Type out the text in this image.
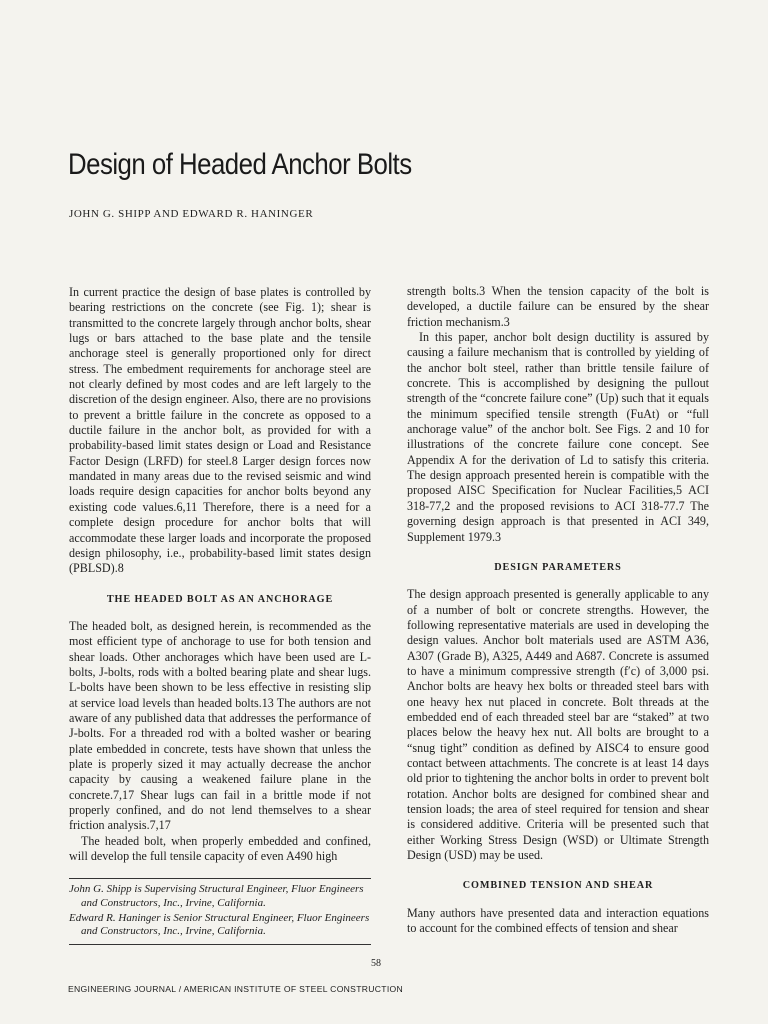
Design of Headed Anchor Bolts
JOHN G. SHIPP AND EDWARD R. HANINGER

In current practice the design of base plates is controlled by bearing restrictions on the concrete (see Fig. 1); shear is transmitted to the concrete largely through anchor bolts, shear lugs or bars attached to the base plate and the tensile anchorage steel is generally proportioned only for direct stress. The embedment requirements for anchorage steel are not clearly defined by most codes and are left largely to the discretion of the design engineer. Also, there are no provisions to prevent a brittle failure in the concrete as opposed to a ductile failure in the anchor bolt, as provided for with a probability-based limit states design or Load and Resistance Factor Design (LRFD) for steel.8 Larger design forces now mandated in many areas due to the revised seismic and wind loads require design capacities for anchor bolts beyond any existing code values.6,11 Therefore, there is a need for a complete design procedure for anchor bolts that will accommodate these larger loads and incorporate the proposed design philosophy, i.e., probability-based limit states design (PBLSD).8

THE HEADED BOLT AS AN ANCHORAGE

The headed bolt, as designed herein, is recommended as the most efficient type of anchorage to use for both tension and shear loads. Other anchorages which have been used are L-bolts, J-bolts, rods with a bolted bearing plate and shear lugs. L-bolts have been shown to be less effective in resisting slip at service load levels than headed bolts.13 The authors are not aware of any published data that addresses the performance of J-bolts. For a threaded rod with a bolted washer or bearing plate embedded in concrete, tests have shown that unless the plate is properly sized it may actually decrease the anchor capacity by causing a weakened failure plane in the concrete.7,17 Shear lugs can fail in a brittle mode if not properly confined, and do not lend themselves to a shear friction analysis.7,17

The headed bolt, when properly embedded and confined, will develop the full tensile capacity of even A490 high

John G. Shipp is Supervising Structural Engineer, Fluor Engineers and Constructors, Inc., Irvine, California.

Edward R. Haninger is Senior Structural Engineer, Fluor Engineers and Constructors, Inc., Irvine, California.

strength bolts.3 When the tension capacity of the bolt is developed, a ductile failure can be ensured by the shear friction mechanism.3

In this paper, anchor bolt design ductility is assured by causing a failure mechanism that is controlled by yielding of the anchor bolt steel, rather than brittle tensile failure of concrete. This is accomplished by designing the pullout strength of the “concrete failure cone” (Up) such that it equals the minimum specified tensile strength (FuAt) or “full anchorage value” of the anchor bolt. See Figs. 2 and 10 for illustrations of the concrete failure cone concept. See Appendix A for the derivation of Ld to satisfy this criteria. The design approach presented herein is compatible with the proposed AISC Specification for Nuclear Facilities,5 ACI 318-77,2 and the proposed revisions to ACI 318-77.7 The governing design approach is that presented in ACI 349, Supplement 1979.3

DESIGN PARAMETERS

The design approach presented is generally applicable to any of a number of bolt or concrete strengths. However, the following representative materials are used in developing the design values. Anchor bolt materials used are ASTM A36, A307 (Grade B), A325, A449 and A687. Concrete is assumed to have a minimum compressive strength (f′c) of 3,000 psi. Anchor bolts are heavy hex bolts or threaded steel bars with one heavy hex nut placed in concrete. Bolt threads at the embedded end of each threaded steel bar are “staked” at two places below the heavy hex nut. All bolts are brought to a “snug tight” condition as defined by AISC4 to ensure good contact between attachments. The concrete is at least 14 days old prior to tightening the anchor bolts in order to prevent bolt rotation. Anchor bolts are designed for combined shear and tension loads; the area of steel required for tension and shear is considered additive. Criteria will be presented such that either Working Stress Design (WSD) or Ultimate Strength Design (USD) may be used.

COMBINED TENSION AND SHEAR

Many authors have presented data and interaction equations to account for the combined effects of tension and shear

58
ENGINEERING JOURNAL / AMERICAN INSTITUTE OF STEEL CONSTRUCTION
